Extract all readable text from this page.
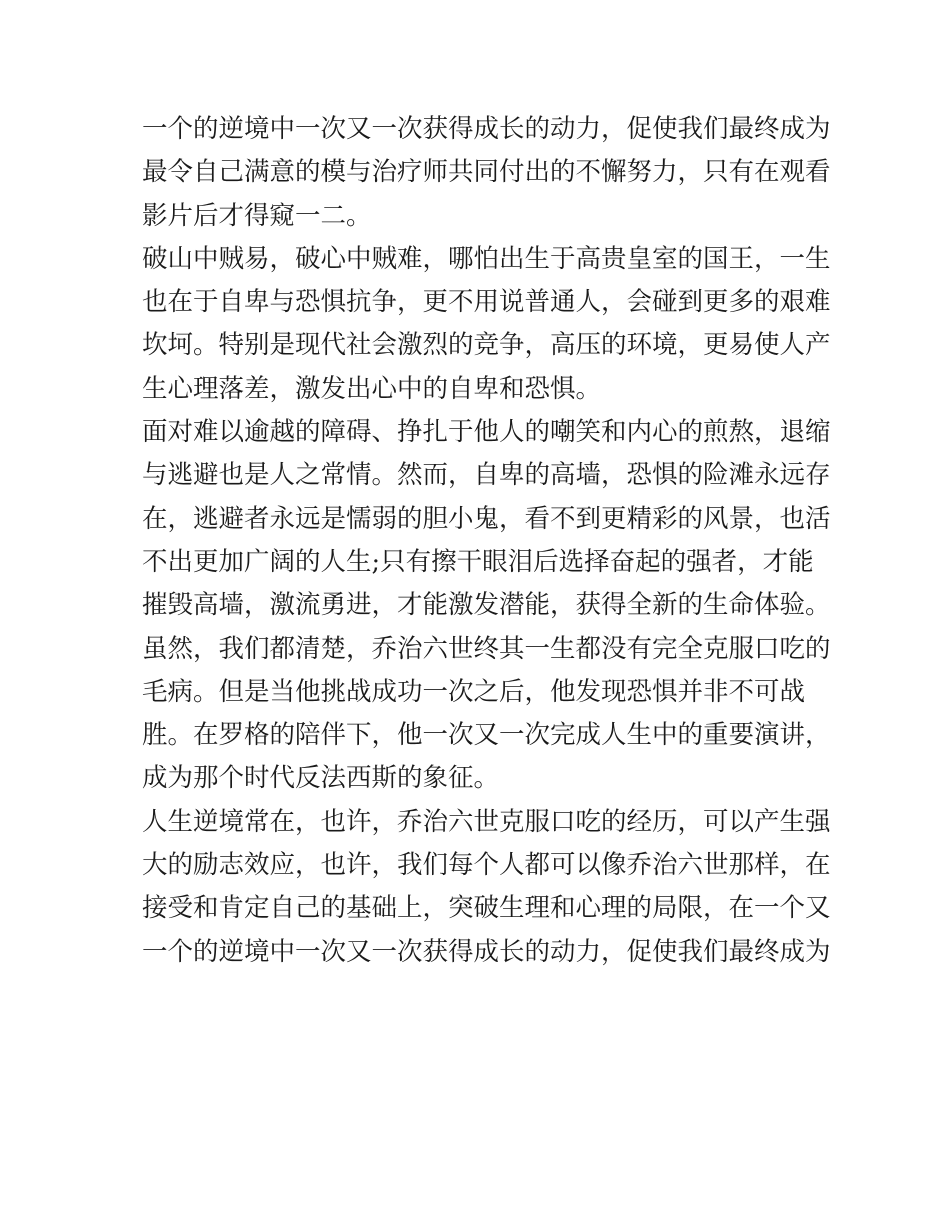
一个的逆境中一次又一次获得成长的动力，促使我们最终成为
最令自己满意的模与治疗师共同付出的不懈努力，只有在观看
影片后才得窥一二。
破山中贼易，破心中贼难，哪怕出生于高贵皇室的国王，一生
也在于自卑与恐惧抗争，更不用说普通人，会碰到更多的艰难
坎坷。特别是现代社会激烈的竞争，高压的环境，更易使人产
生心理落差，激发出心中的自卑和恐惧。
面对难以逾越的障碍、挣扎于他人的嘲笑和内心的煎熬，退缩
与逃避也是人之常情。然而，自卑的高墙，恐惧的险滩永远存
在，逃避者永远是懦弱的胆小鬼，看不到更精彩的风景，也活
不出更加广阔的人生;只有擦干眼泪后选择奋起的强者，才能
摧毁高墙，激流勇进，才能激发潜能，获得全新的生命体验。
虽然，我们都清楚，乔治六世终其一生都没有完全克服口吃的
毛病。但是当他挑战成功一次之后，他发现恐惧并非不可战
胜。在罗格的陪伴下，他一次又一次完成人生中的重要演讲，
成为那个时代反法西斯的象征。
人生逆境常在，也许，乔治六世克服口吃的经历，可以产生强
大的励志效应，也许，我们每个人都可以像乔治六世那样，在
接受和肯定自己的基础上，突破生理和心理的局限，在一个又
一个的逆境中一次又一次获得成长的动力，促使我们最终成为
